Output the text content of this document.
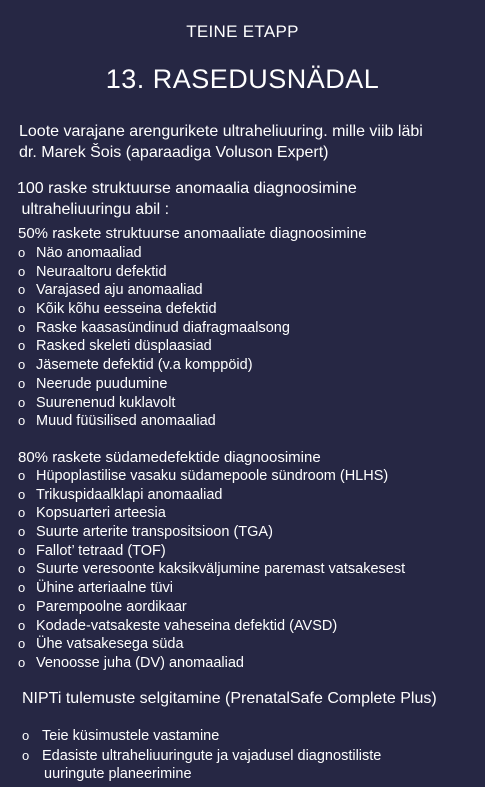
TEINE ETAPP
13. RASEDUSNÄDAL
Loote varajane arengurikete ultraheliuuring. mille viib läbi
dr. Marek Šois (aparaadiga Voluson Expert)
100 raske struktuurse anomaalia diagnoosimine
ultraheliuuringu abil :
50% raskete struktuurse anomaaliate diagnoosimine
o Näo anomaaliad
o Neuraaltoru defektid
o Varajased aju anomaaliad
o Kõik kõhu eesseina defektid
o Raske kaasasündinud diafragmaalsong
o Rasked skeleti düsplaasiad
o Jäsemete defektid (v.a komppöid)
o Neerude puudumine
o Suurenenud kuklavolt
o Muud füüsilised anomaaliad
80% raskete südamedefektide diagnoosimine
o Hüpoplastilise vasaku südamepoole sündroom (HLHS)
o Trikuspidaalklapi anomaaliad
o Kopsuarteri arteesia
o Suurte arterite transpositsioon (TGA)
o Fallot’ tetraad (TOF)
o Suurte veresoonte kaksikväljumine paremast vatsakesest
o Ühine arteriaalne tüvi
o Parempoolne aordikaar
o Kodade-vatsakeste vaheseina defektid (AVSD)
o Ühe vatsakesega süda
o Venoosse juha (DV) anomaaliad
NIPTi tulemuste selgitamine (PrenatalSafe Complete Plus)
o Teie küsimustele vastamine
o Edasiste ultraheliuuringute ja vajadusel diagnostiliste
uuringute planeerimine
